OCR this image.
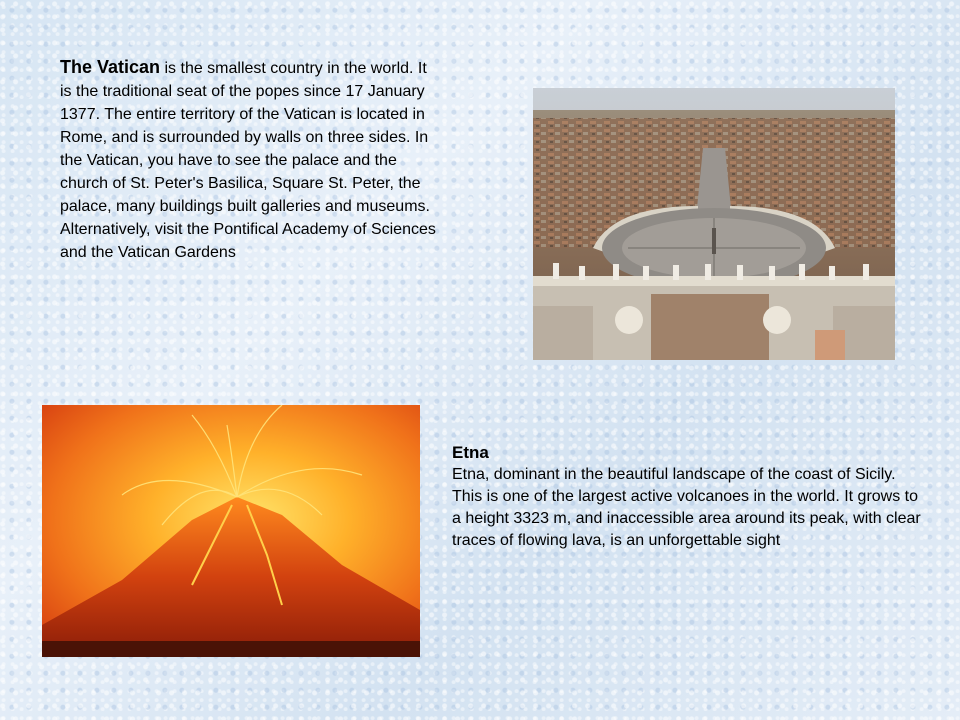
The Vatican is the smallest country in the world. It is the traditional seat of the popes since 17 January 1377. The entire territory of the Vatican is located in Rome, and is surrounded by walls on three sides. In the Vatican, you have to see the palace and the church of St. Peter's Basilica, Square St. Peter, the palace, many buildings built galleries and museums. Alternatively, visit the Pontifical Academy of Sciences and the Vatican Gardens
Etna
Etna, dominant in the beautiful landscape of the coast of Sicily. This is one of the largest active volcanoes in the world. It grows to a height 3323 m, and inaccessible area around its peak, with clear traces of flowing lava, is an unforgettable sight
